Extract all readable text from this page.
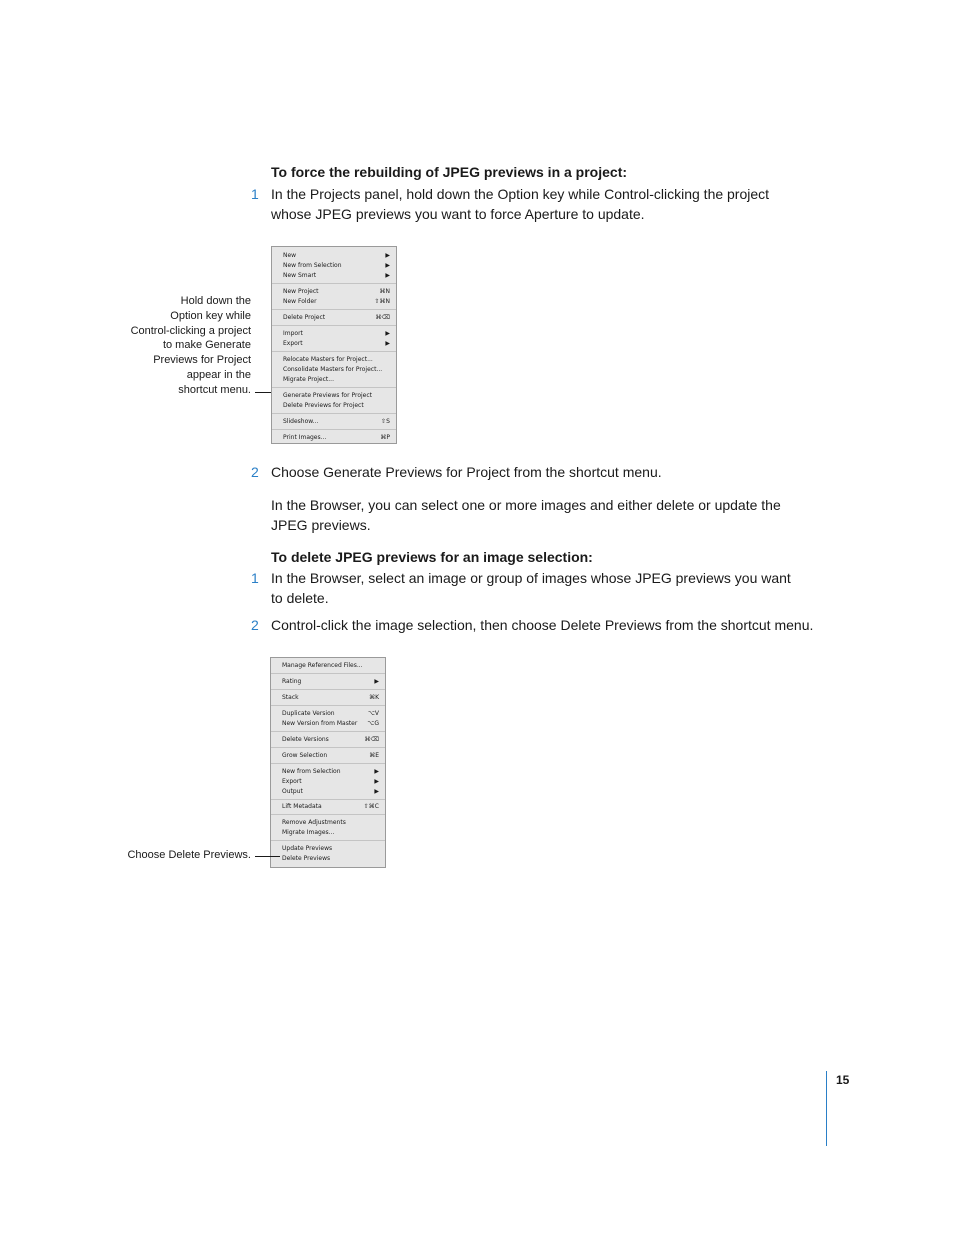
To force the rebuilding of JPEG previews in a project:
1 In the Projects panel, hold down the Option key while Control-clicking the project
whose JPEG previews you want to force Aperture to update.
Hold down the
Option key while
Control-clicking a project
to make Generate
Previews for Project
appear in the
shortcut menu.
New	▶
New from Selection	▶
New Smart	▶
New Project	⌘N
New Folder	⇧⌘N
Delete Project	⌘⌫
Import	▶
Export	▶
Relocate Masters for Project...
Consolidate Masters for Project...
Migrate Project...
Generate Previews for Project
Delete Previews for Project
Slideshow...	⇧S
Print Images...	⌘P
2 Choose Generate Previews for Project from the shortcut menu.
In the Browser, you can select one or more images and either delete or update the
JPEG previews.
To delete JPEG previews for an image selection:
1 In the Browser, select an image or group of images whose JPEG previews you want
to delete.
2 Control-click the image selection, then choose Delete Previews from the shortcut menu.
Manage Referenced Files...
Rating	▶
Stack	⌘K
Duplicate Version	⌥V
New Version from Master ⌥G
Delete Versions	⌘⌫
Grow Selection	⌘E
New from Selection	▶
Export	▶
Output	▶
Lift Metadata	⇧⌘C
Remove Adjustments
Migrate Images...
Update Previews
Delete Previews
Choose Delete Previews.
15
